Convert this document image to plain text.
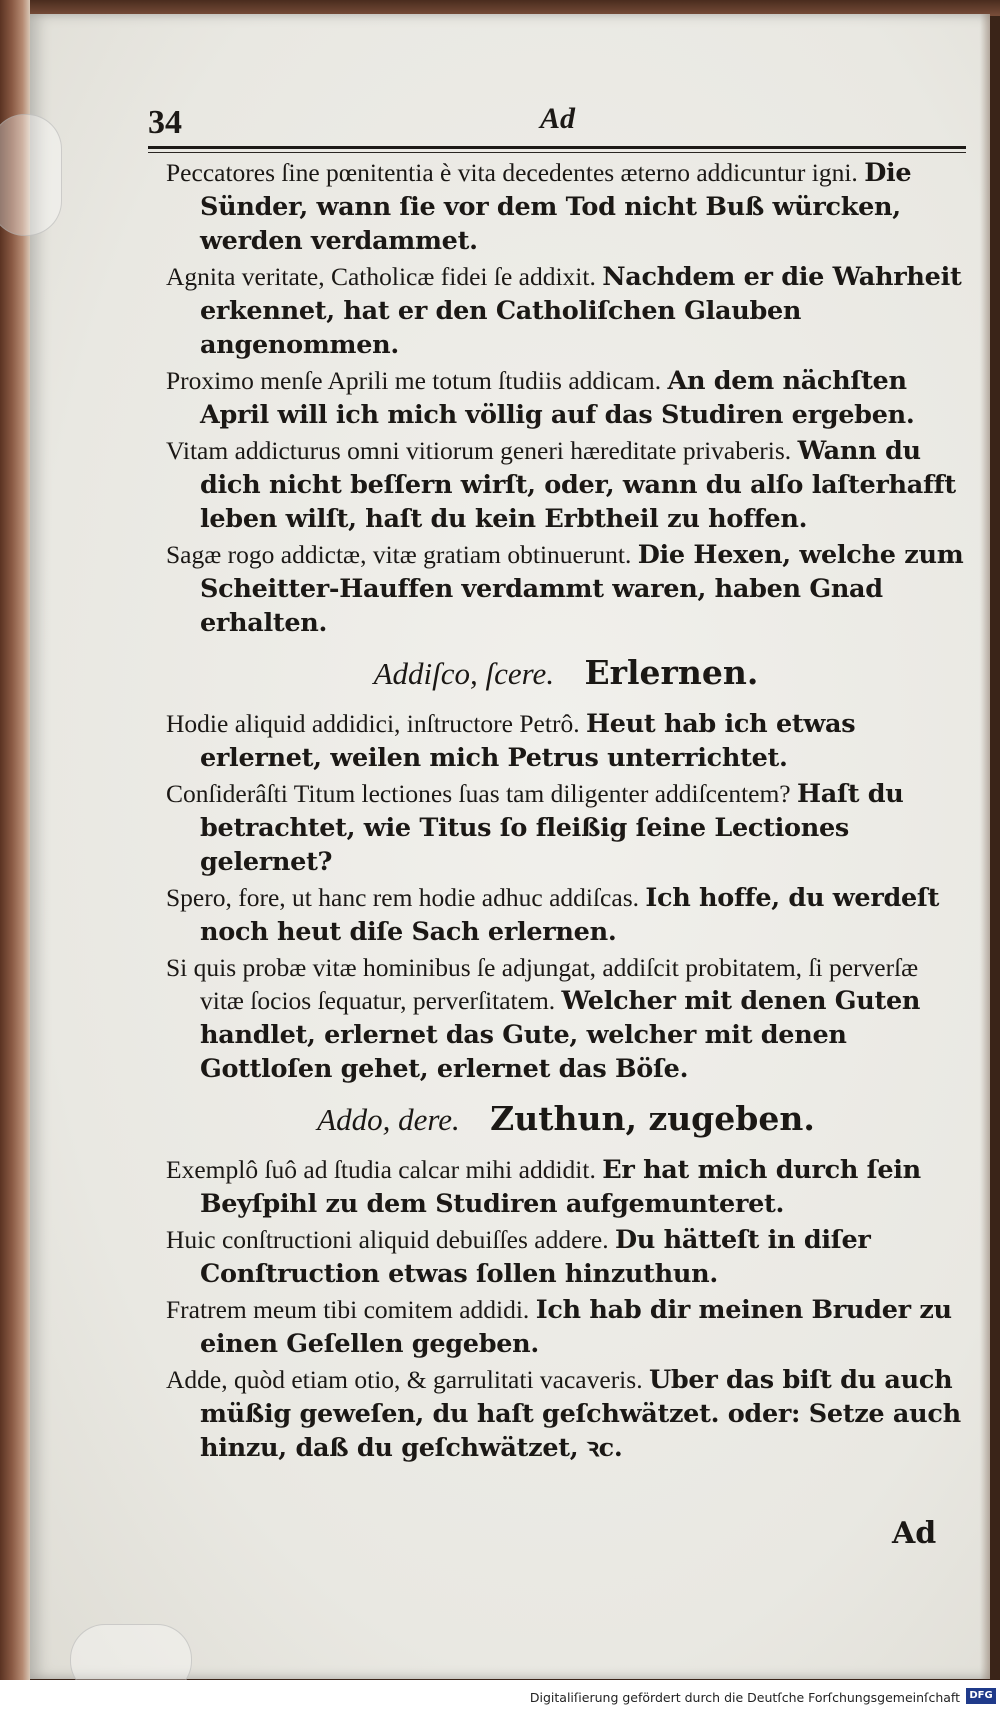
34	Ad

Peccatores ſine pœnitentia è vita decedentes æterno addicuntur igni. Die Sünder, wann ſie vor dem Tod nicht Buß würcken, werden verdammet.

Agnita veritate, Catholicæ fidei ſe addixit. Nachdem er die Wahrheit erkennet, hat er den Catholiſchen Glauben angenommen.

Proximo menſe Aprili me totum ſtudiis addicam. An dem nächſten April will ich mich völlig auf das Studiren ergeben.

Vitam addicturus omni vitiorum generi hæreditate privaberis. Wann du dich nicht beſſern wirſt, oder, wann du alſo laſterhafft leben wilſt, haſt du kein Erbtheil zu hoffen.

Sagæ rogo addictæ, vitæ gratiam obtinuerunt. Die Hexen, welche zum Scheitter-Hauffen verdammt waren, haben Gnad erhalten.

Addiſco, ſcere. Erlernen.

Hodie aliquid addidici, inſtructore Petrô. Heut hab ich etwas erlernet, weilen mich Petrus unterrichtet.

Conſiderâſti Titum lectiones ſuas tam diligenter addiſcentem? Haſt du betrachtet, wie Titus ſo fleißig ſeine Lectiones gelernet?

Spero, fore, ut hanc rem hodie adhuc addiſcas. Ich hoffe, du werdeſt noch heut diſe Sach erlernen.

Si quis probæ vitæ hominibus ſe adjungat, addiſcit probitatem, ſi perverſæ vitæ ſocios ſequatur, perverſitatem. Welcher mit denen Guten handlet, erlernet das Gute, welcher mit denen Gottloſen gehet, erlernet das Böſe.

Addo, dere. Zuthun, zugeben.

Exemplô ſuô ad ſtudia calcar mihi addidit. Er hat mich durch ſein Beyſpihl zu dem Studiren aufgemunteret.

Huic conſtructioni aliquid debuiſſes addere. Du hätteſt in diſer Conſtruction etwas ſollen hinzuthun.

Fratrem meum tibi comitem addidi. Ich hab dir meinen Bruder zu einen Geſellen gegeben.

Adde, quòd etiam otio, & garrulitati vacaveris. Uber das biſt du auch müßig geweſen, du haſt geſchwätzet. oder: Setze auch hinzu, daß du geſchwätzet, ꝛc.

Ad
Digitaliſierung gefördert durch die Deutſche Forſchungsgemeinſchaft DFG
